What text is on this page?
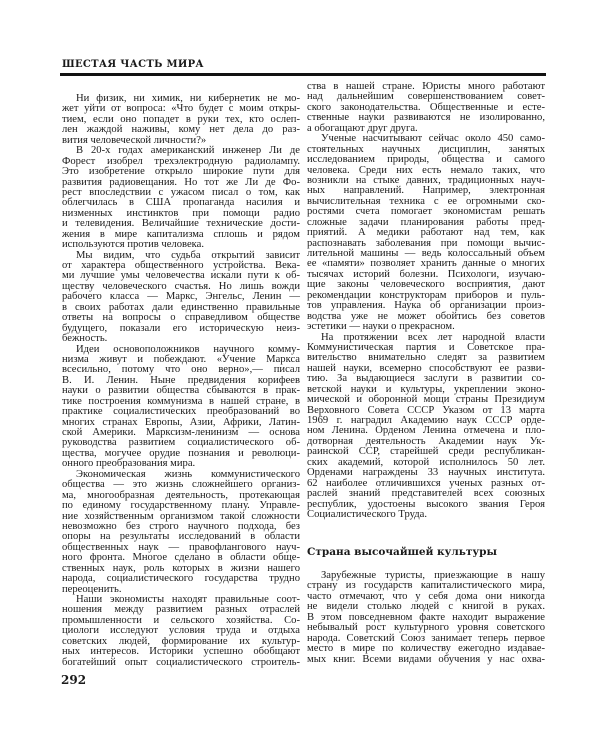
ШЕСТАЯ ЧАСТЬ МИРА
Ни физик, ни химик, ни кибернетик не мо-
жет уйти от вопроса: «Что будет с моим откры-
тием, если оно попадет в руки тех, кто ослеп-
лен жаждой наживы, кому нет дела до раз-
вития человеческой личности?»
В 20-х годах американский инженер Ли де
Форест изобрел трехэлектродную радиолампу.
Это изобретение открыло широкие пути для
развития радиовещания. Но тот же Ли де Фо-
рест впоследствии с ужасом писал о том, как
облегчилась в США пропаганда насилия и
низменных инстинктов при помощи радио
и телевидения. Величайшие технические дости-
жения в мире капитализма сплошь и рядом
используются против человека.
Мы видим, что судьба открытий зависит
от характера общественного устройства. Века-
ми лучшие умы человечества искали пути к об-
ществу человеческого счастья. Но лишь вожди
рабочего класса — Маркс, Энгельс, Ленин —
в своих работах дали единственно правильные
ответы на вопросы о справедливом обществе
будущего, показали его историческую неиз-
бежность.
Идеи основоположников научного комму-
низма живут и побеждают. «Учение Маркса
всесильно, потому что оно верно»,— писал
В. И. Ленин. Ныне предвидения корифеев
науки о развитии общества сбываются в прак-
тике построения коммунизма в нашей стране, в
практике социалистических преобразований во
многих странах Европы, Азии, Африки, Латин-
ской Америки. Марксизм-ленинизм — основа
руководства развитием социалистического об-
щества, могучее орудие познания и революци-
онного преобразования мира.
Экономическая жизнь коммунистического
общества — это жизнь сложнейшего организ-
ма, многообразная деятельность, протекающая
по единому государственному плану. Управле-
ние хозяйственным организмом такой сложности
невозможно без строго научного подхода, без
опоры на результаты исследований в области
общественных наук — правофлангового науч-
ного фронта. Многое сделано в области обще-
ственных наук, роль которых в жизни нашего
народа, социалистического государства трудно
переоценить.
Наши экономисты находят правильные соот-
ношения между развитием разных отраслей
промышленности и сельского хозяйства. Со-
циологи исследуют условия труда и отдыха
советских людей, формирование их культур-
ных интересов. Историки успешно обобщают
богатейший опыт социалистического строитель-
ства в нашей стране. Юристы много работают
над дальнейшим совершенствованием совет-
ского законодательства. Общественные и есте-
ственные науки развиваются не изолированно,
а обогащают друг друга.
Ученые насчитывают сейчас около 450 само-
стоятельных научных дисциплин, занятых
исследованием природы, общества и самого
человека. Среди них есть немало таких, что
возникли на стыке давних, традиционных науч-
ных направлений. Например, электронная
вычислительная техника с ее огромными ско-
ростями счета помогает экономистам решать
сложные задачи планирования работы пред-
приятий. А медики работают над тем, как
распознавать заболевания при помощи вычис-
лительной машины — ведь колоссальный объем
ее «памяти» позволяет хранить данные о многих
тысячах историй болезни. Психологи, изучаю-
щие законы человеческого восприятия, дают
рекомендации конструкторам приборов и пуль-
тов управления. Наука об организации произ-
водства уже не может обойтись без советов
эстетики — науки о прекрасном.
На протяжении всех лет народной власти
Коммунистическая партия и Советское пра-
вительство внимательно следят за развитием
нашей науки, всемерно способствуют ее разви-
тию. За выдающиеся заслуги в развитии со-
ветской науки и культуры, укреплении эконо-
мической и оборонной мощи страны Президиум
Верховного Совета СССР Указом от 13 марта
1969 г. наградил Академию наук СССР орде-
ном Ленина. Орденом Ленина отмечена и пло-
дотворная деятельность Академии наук Ук-
раинской ССР, старейшей среди республикан-
ских академий, которой исполнилось 50 лет.
Орденами награждены 33 научных института.
62 наиболее отличившихся ученых разных от-
раслей знаний представителей всех союзных
республик, удостоены высокого звания Героя
Социалистического Труда.
Страна высочайшей культуры
Зарубежные туристы, приезжающие в нашу
страну из государств капиталистического мира,
часто отмечают, что у себя дома они никогда
не видели столько людей с книгой в руках.
В этом повседневном факте находит выражение
небывалый рост культурного уровня советского
народа. Советский Союз занимает теперь первое
место в мире по количеству ежегодно издавае-
мых книг. Всеми видами обучения у нас охва-
292
